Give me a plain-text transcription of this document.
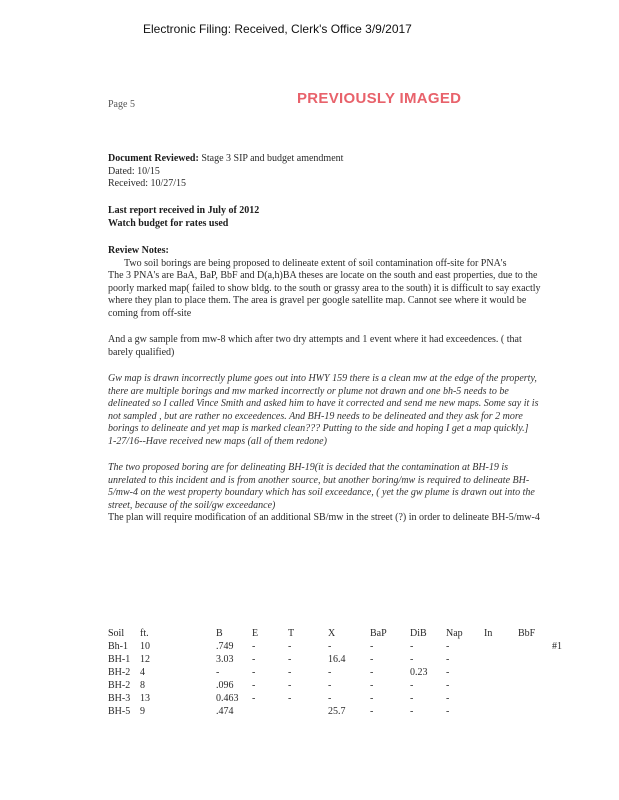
Electronic Filing: Received, Clerk's Office 3/9/2017
Page 5	PREVIOUSLY IMAGED

Document Reviewed: Stage 3 SIP and budget amendment

Dated: 10/15

Received: 10/27/15

Last report received in July of 2012

Watch budget for rates used

Review Notes:

Two soil borings are being proposed to delineate extent of soil contamination off-site for PNA's

The 3 PNA's are BaA, BaP, BbF and D(a,h)BA theses are locate on the south and east properties, due to the poorly marked map( failed to show bldg. to the south or grassy area to the south) it is difficult to say exactly where they plan to place them. The area is gravel per google satellite map. Cannot see where it would be coming from off-site

And a gw sample from mw-8 which after two dry attempts and 1 event where it had exceedences. ( that barely qualified)

Gw map is drawn incorrectly plume goes out into HWY 159 there is a clean mw at the edge of the property, there are multiple borings and mw marked incorrectly or plume not drawn and one bh-5 needs to be delineated so I called Vince Smith and asked him to have it corrected and send me new maps. Some say it is not sampled , but are rather no exceedences. And BH-19 needs to be delineated and they ask for 2 more borings to delineate and yet map is marked clean??? Putting to the side and hoping I get a map quickly.]

1-27/16--Have received new maps (all of them redone)

The two proposed boring are for delineating BH-19(it is decided that the contamination at BH-19 is unrelated to this incident and is from another source, but another boring/mw is required to delineate BH-5/mw-4 on the west property boundary which has soil exceedance, ( yet the gw plume is drawn out into the street, because of the soil/gw exceedance)

The plan will require modification of an additional SB/mw in the street (?) in order to delineate BH-5/mw-4

Soil	ft.	B	E	T	X	BaP	DiB	Nap	In	BbF	
Bh-1	10	.749	-	-	-	-	-	-			#1
BH-1	12	3.03	-	-	16.4	-	-	-			
BH-2	4	-	-	-	-	-	0.23	-			
BH-2	8	.096	-	-	-	-	-	-			
BH-3	13	0.463	-	-	-	-	-	-			
BH-5	9	.474			25.7	-	-	-			
